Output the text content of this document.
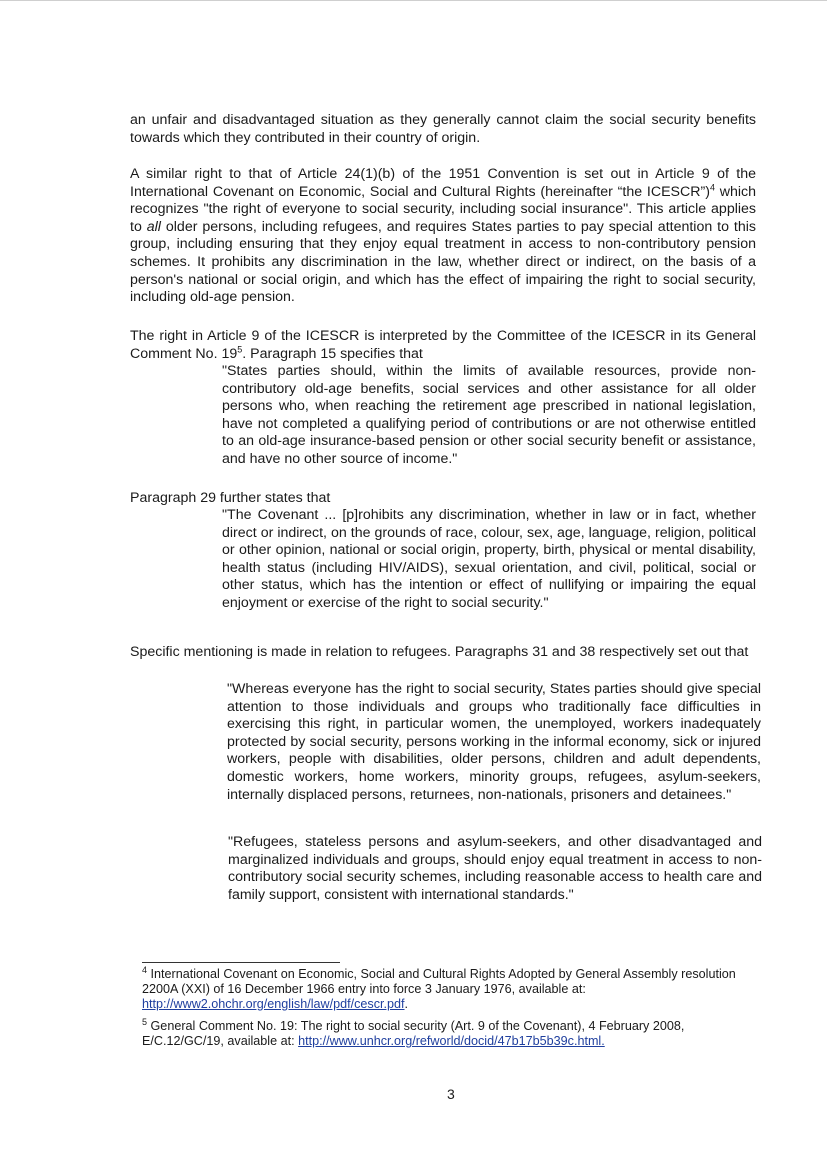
an unfair and disadvantaged situation as they generally cannot claim the social security benefits towards which they contributed in their country of origin.

A similar right to that of Article 24(1)(b) of the 1951 Convention is set out in Article 9 of the International Covenant on Economic, Social and Cultural Rights (hereinafter “the ICESCR”)$^4$ which recognizes "the right of everyone to social security, including social insurance". This article applies to all older persons, including refugees, and requires States parties to pay special attention to this group, including ensuring that they enjoy equal treatment in access to non-contributory pension schemes. It prohibits any discrimination in the law, whether direct or indirect, on the basis of a person's national or social origin, and which has the effect of impairing the right to social security, including old-age pension.

The right in Article 9 of the ICESCR is interpreted by the Committee of the ICESCR in its General Comment No. $19^5$. Paragraph 15 specifies that

"States parties should, within the limits of available resources, provide non-contributory old-age benefits, social services and other assistance for all older persons who, when reaching the retirement age prescribed in national legislation, have not completed a qualifying period of contributions or are not otherwise entitled to an old-age insurance-based pension or other social security benefit or assistance, and have no other source of income."

Paragraph 29 further states that

"The Covenant ... [p]rohibits any discrimination, whether in law or in fact, whether direct or indirect, on the grounds of race, colour, sex, age, language, religion, political or other opinion, national or social origin, property, birth, physical or mental disability, health status (including HIV/AIDS), sexual orientation, and civil, political, social or other status, which has the intention or effect of nullifying or impairing the equal enjoyment or exercise of the right to social security."

Specific mentioning is made in relation to refugees. Paragraphs 31 and 38 respectively set out that

"Whereas everyone has the right to social security, States parties should give special attention to those individuals and groups who traditionally face difficulties in exercising this right, in particular women, the unemployed, workers inadequately protected by social security, persons working in the informal economy, sick or injured workers, people with disabilities, older persons, children and adult dependents, domestic workers, home workers, minority groups, refugees, asylum-seekers, internally displaced persons, returnees, non-nationals, prisoners and detainees."

"Refugees, stateless persons and asylum-seekers, and other disadvantaged and marginalized individuals and groups, should enjoy equal treatment in access to non-contributory social security schemes, including reasonable access to health care and family support, consistent with international standards."

$^4$ International Covenant on Economic, Social and Cultural Rights Adopted by General Assembly resolution 2200A (XXI) of 16 December 1966 entry into force 3 January 1976, available at: http://www2.ohchr.org/english/law/pdf/cescr.pdf.

$^5$ General Comment No. 19: The right to social security (Art. 9 of the Covenant), 4 February 2008, E/C.12/GC/19, available at: http://www.unhcr.org/refworld/docid/47b17b5b39c.html.

3
